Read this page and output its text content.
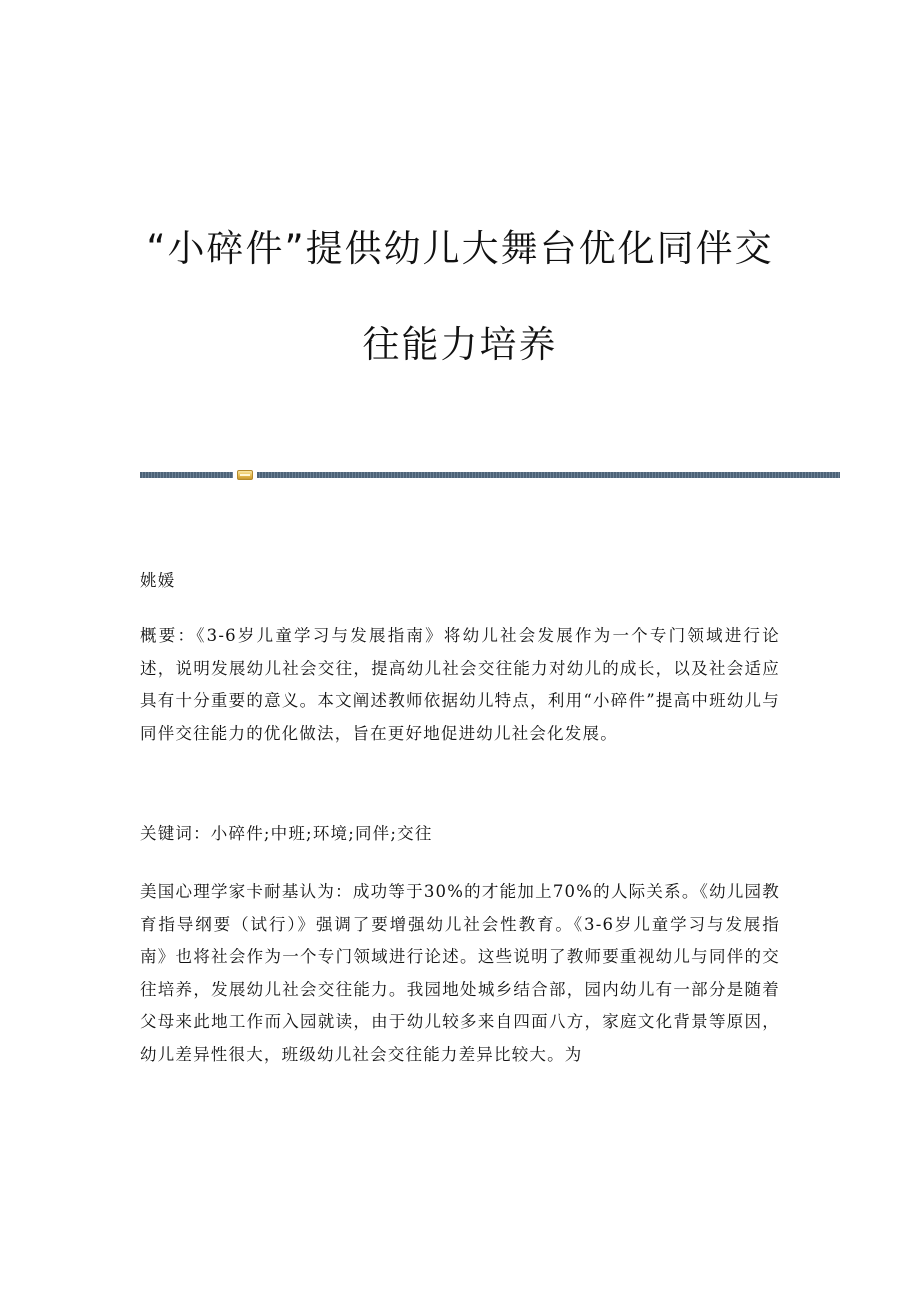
“小碎件”提供幼儿大舞台优化同伴交
往能力培养

姚媛

概要：《3-6岁儿童学习与发展指南》将幼儿社会发展作为一个专门领域进行论述，说明发展幼儿社会交往，提高幼儿社会交往能力对幼儿的成长，以及社会适应具有十分重要的意义。本文阐述教师依据幼儿特点，利用“小碎件”提高中班幼儿与同伴交往能力的优化做法，旨在更好地促进幼儿社会化发展。

关键词：小碎件;中班;环境;同伴;交往

美国心理学家卡耐基认为：成功等于30%的才能加上70%的人际关系。《幼儿园教育指导纲要（试行）》强调了要增强幼儿社会性教育。《3-6岁儿童学习与发展指南》也将社会作为一个专门领域进行论述。这些说明了教师要重视幼儿与同伴的交往培养，发展幼儿社会交往能力。我园地处城乡结合部，园内幼儿有一部分是随着父母来此地工作而入园就读，由于幼儿较多来自四面八方，家庭文化背景等原因，幼儿差异性很大，班级幼儿社会交往能力差异比较大。为
